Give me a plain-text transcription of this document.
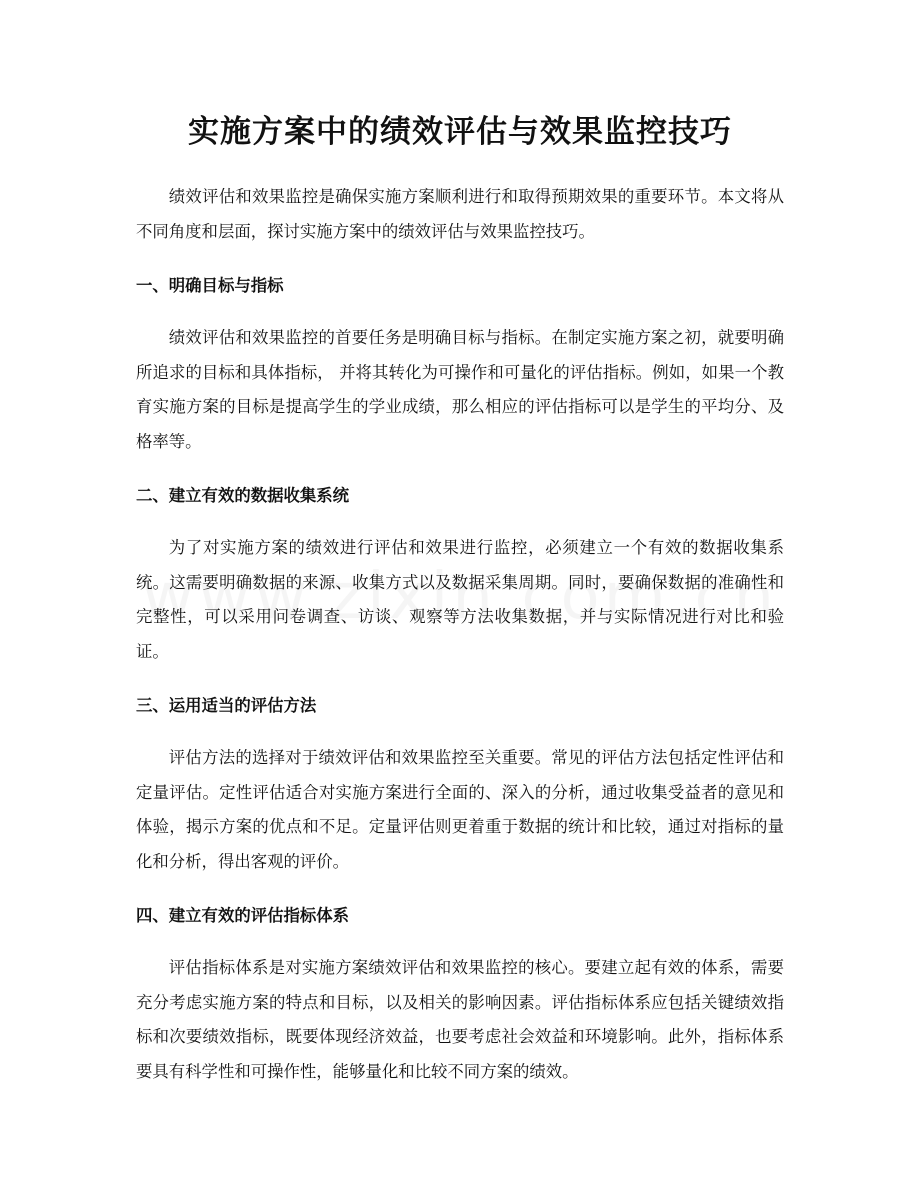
实施方案中的绩效评估与效果监控技巧

绩效评估和效果监控是确保实施方案顺利进行和取得预期效果的重要环节。本文将从不同角度和层面，探讨实施方案中的绩效评估与效果监控技巧。

一、明确目标与指标

绩效评估和效果监控的首要任务是明确目标与指标。在制定实施方案之初，就要明确所追求的目标和具体指标， 并将其转化为可操作和可量化的评估指标。例如，如果一个教育实施方案的目标是提高学生的学业成绩，那么相应的评估指标可以是学生的平均分、及格率等。

二、建立有效的数据收集系统

为了对实施方案的绩效进行评估和效果进行监控，必须建立一个有效的数据收集系统。这需要明确数据的来源、收集方式以及数据采集周期。同时，要确保数据的准确性和完整性，可以采用问卷调查、访谈、观察等方法收集数据，并与实际情况进行对比和验证。

三、运用适当的评估方法

评估方法的选择对于绩效评估和效果监控至关重要。常见的评估方法包括定性评估和定量评估。定性评估适合对实施方案进行全面的、深入的分析，通过收集受益者的意见和体验，揭示方案的优点和不足。定量评估则更着重于数据的统计和比较，通过对指标的量化和分析，得出客观的评价。

四、建立有效的评估指标体系

评估指标体系是对实施方案绩效评估和效果监控的核心。要建立起有效的体系，需要充分考虑实施方案的特点和目标，以及相关的影响因素。评估指标体系应包括关键绩效指标和次要绩效指标，既要体现经济效益，也要考虑社会效益和环境影响。此外，指标体系要具有科学性和可操作性，能够量化和比较不同方案的绩效。
